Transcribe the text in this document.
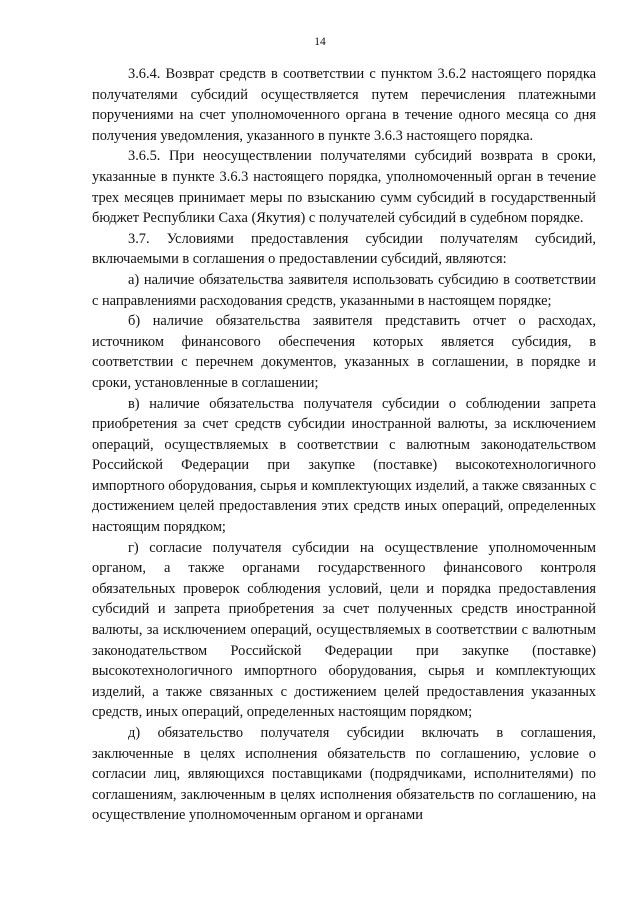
14

3.6.4. Возврат средств в соответствии с пунктом 3.6.2 настоящего порядка получателями субсидий осуществляется путем перечисления платежными поручениями на счет уполномоченного органа в течение одного месяца со дня получения уведомления, указанного в пункте 3.6.3 настоящего порядка.

3.6.5. При неосуществлении получателями субсидий возврата в сроки, указанные в пункте 3.6.3 настоящего порядка, уполномоченный орган в течение трех месяцев принимает меры по взысканию сумм субсидий в государственный бюджет Республики Саха (Якутия) с получателей субсидий в судебном порядке.

3.7. Условиями предоставления субсидии получателям субсидий, включаемыми в соглашения о предоставлении субсидий, являются:

а) наличие обязательства заявителя использовать субсидию в соответствии с направлениями расходования средств, указанными в настоящем порядке;

б) наличие обязательства заявителя представить отчет о расходах, источником финансового обеспечения которых является субсидия, в соответствии с перечнем документов, указанных в соглашении, в порядке и сроки, установленные в соглашении;

в) наличие обязательства получателя субсидии о соблюдении запрета приобретения за счет средств субсидии иностранной валюты, за исключением операций, осуществляемых в соответствии с валютным законодательством Российской Федерации при закупке (поставке) высокотехнологичного импортного оборудования, сырья и комплектующих изделий, а также связанных с достижением целей предоставления этих средств иных операций, определенных настоящим порядком;

г) согласие получателя субсидии на осуществление уполномоченным органом, а также органами государственного финансового контроля обязательных проверок соблюдения условий, цели и порядка предоставления субсидий и запрета приобретения за счет полученных средств иностранной валюты, за исключением операций, осуществляемых в соответствии с валютным законодательством Российской Федерации при закупке (поставке) высокотехнологичного импортного оборудования, сырья и комплектующих изделий, а также связанных с достижением целей предоставления указанных средств, иных операций, определенных настоящим порядком;

д) обязательство получателя субсидии включать в соглашения, заключенные в целях исполнения обязательств по соглашению, условие о согласии лиц, являющихся поставщиками (подрядчиками, исполнителями) по соглашениям, заключенным в целях исполнения обязательств по соглашению, на осуществление уполномоченным органом и органами
